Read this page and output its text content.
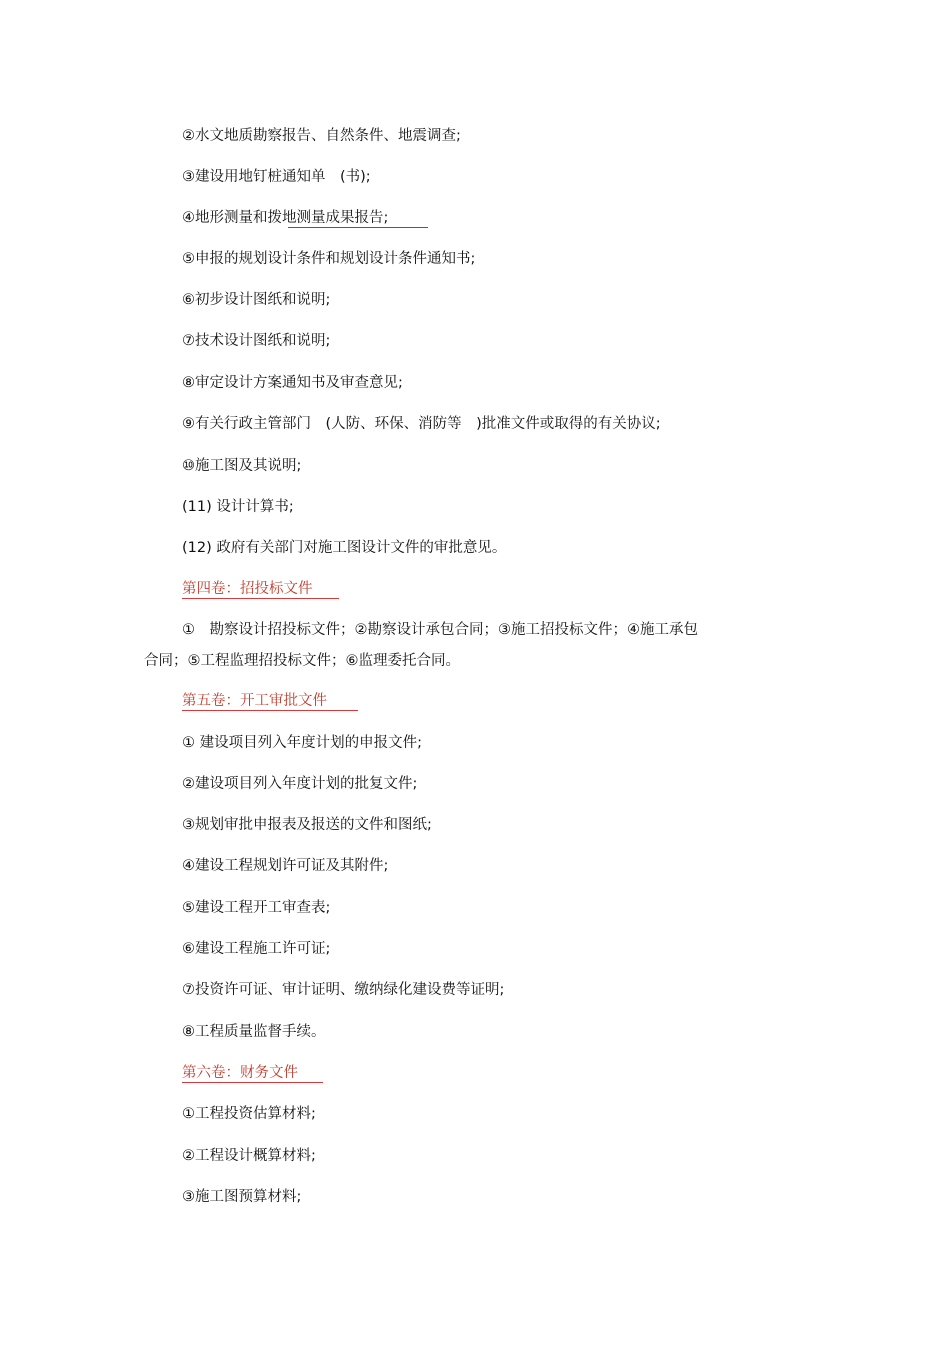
②水文地质勘察报告、自然条件、地震调查;
③建设用地钉桩通知单　(书);
④地形测量和拨地测量成果报告;
⑤申报的规划设计条件和规划设计条件通知书;
⑥初步设计图纸和说明;
⑦技术设计图纸和说明;
⑧审定设计方案通知书及审查意见;
⑨有关行政主管部门　(人防、环保、消防等　)批准文件或取得的有关协议;
⑩施工图及其说明;
(11) 设计计算书;
(12) 政府有关部门对施工图设计文件的审批意见。
第四卷：招投标文件
①　勘察设计招投标文件；②勘察设计承包合同；③施工招投标文件；④施工承包
合同；⑤工程监理招投标文件；⑥监理委托合同。
第五卷：开工审批文件
① 建设项目列入年度计划的申报文件;
②建设项目列入年度计划的批复文件;
③规划审批申报表及报送的文件和图纸;
④建设工程规划许可证及其附件;
⑤建设工程开工审查表;
⑥建设工程施工许可证;
⑦投资许可证、审计证明、缴纳绿化建设费等证明;
⑧工程质量监督手续。
第六卷：财务文件
①工程投资估算材料;
②工程设计概算材料;
③施工图预算材料;
